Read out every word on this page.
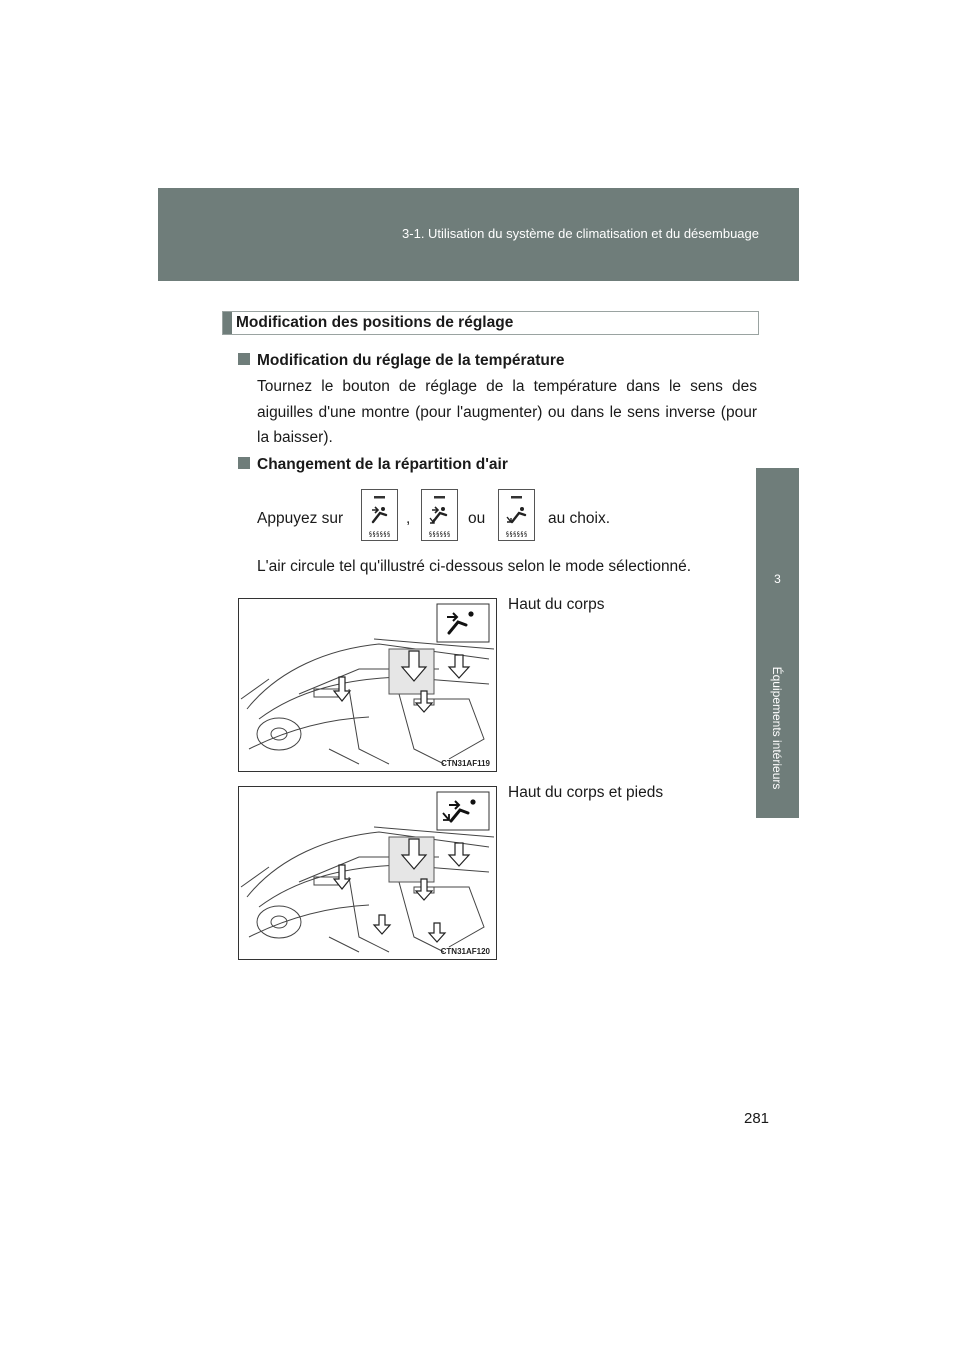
3-1. Utilisation du système de climatisation et du désembuage
3
Équipements intérieurs
Modification des positions de réglage
Modification du réglage de la température
Tournez le bouton de réglage de la température dans le sens des aiguilles d'une montre (pour l'augmenter) ou dans le sens inverse (pour la baisser).
Changement de la répartition d'air
Appuyez sur
§§§§§§
,
§§§§§§
ou
§§§§§§
au choix.
L'air circule tel qu'illustré ci-dessous selon le mode sélectionné.
CTN31AF119
Haut du corps
CTN31AF120
Haut du corps et pieds
281
